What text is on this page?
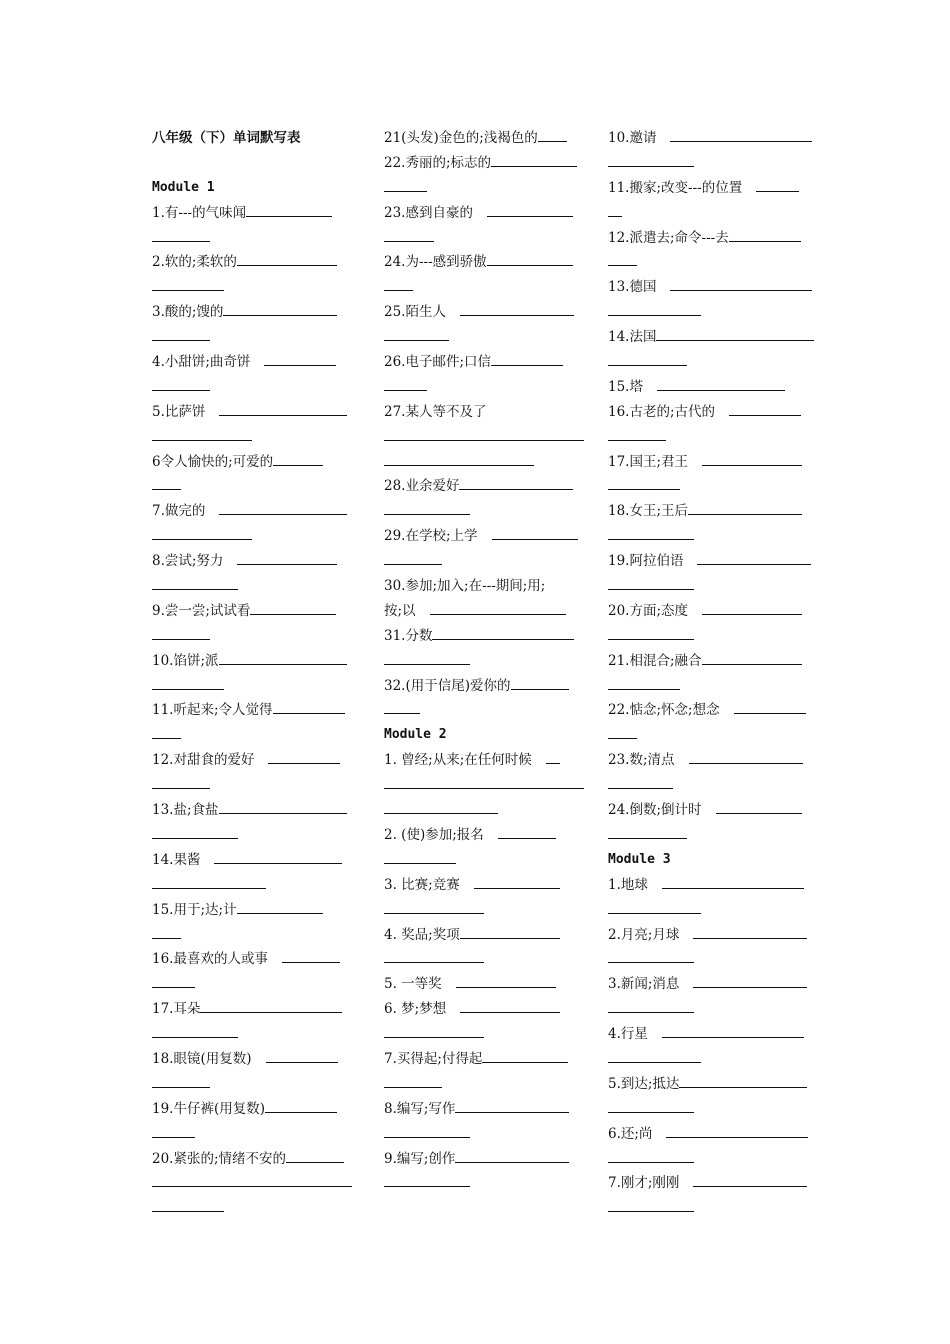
八年级（下）单词默写表
Module 1
1.有---的气味闻
2.软的;柔软的
3.酸的;馊的
4.小甜饼;曲奇饼
5.比萨饼
6令人愉快的;可爱的
7.做完的
8.尝试;努力
9.尝一尝;试试看
10.馅饼;派
11.听起来;令人觉得
12.对甜食的爱好
13.盐;食盐
14.果酱
15.用于;达;计
16.最喜欢的人或事
17.耳朵
18.眼镜(用复数)
19.牛仔裤(用复数)
20.紧张的;情绪不安的
21(头发)金色的;浅褐色的
22.秀丽的;标志的
23.感到自豪的
24.为---感到骄傲
25.陌生人
26.电子邮件;口信
27.某人等不及了
28.业余爱好
29.在学校;上学
30.参加;加入;在---期间;用;
按;以
31.分数
32.(用于信尾)爱你的
Module 2
1. 曾经;从来;在任何时候
2. (使)参加;报名
3. 比赛;竞赛
4. 奖品;奖项
5. 一等奖
6. 梦;梦想
7.买得起;付得起
8.编写;写作
9.编写;创作
10.邀请
11.搬家;改变---的位置
12.派遣去;命令---去
13.德国
14.法国
15.塔
16.古老的;古代的
17.国王;君王
18.女王;王后
19.阿拉伯语
20.方面;态度
21.相混合;融合
22.惦念;怀念;想念
23.数;清点
24.倒数;倒计时
Module 3
1.地球
2.月亮;月球
3.新闻;消息
4.行星
5.到达;抵达
6.还;尚
7.刚才;刚刚
